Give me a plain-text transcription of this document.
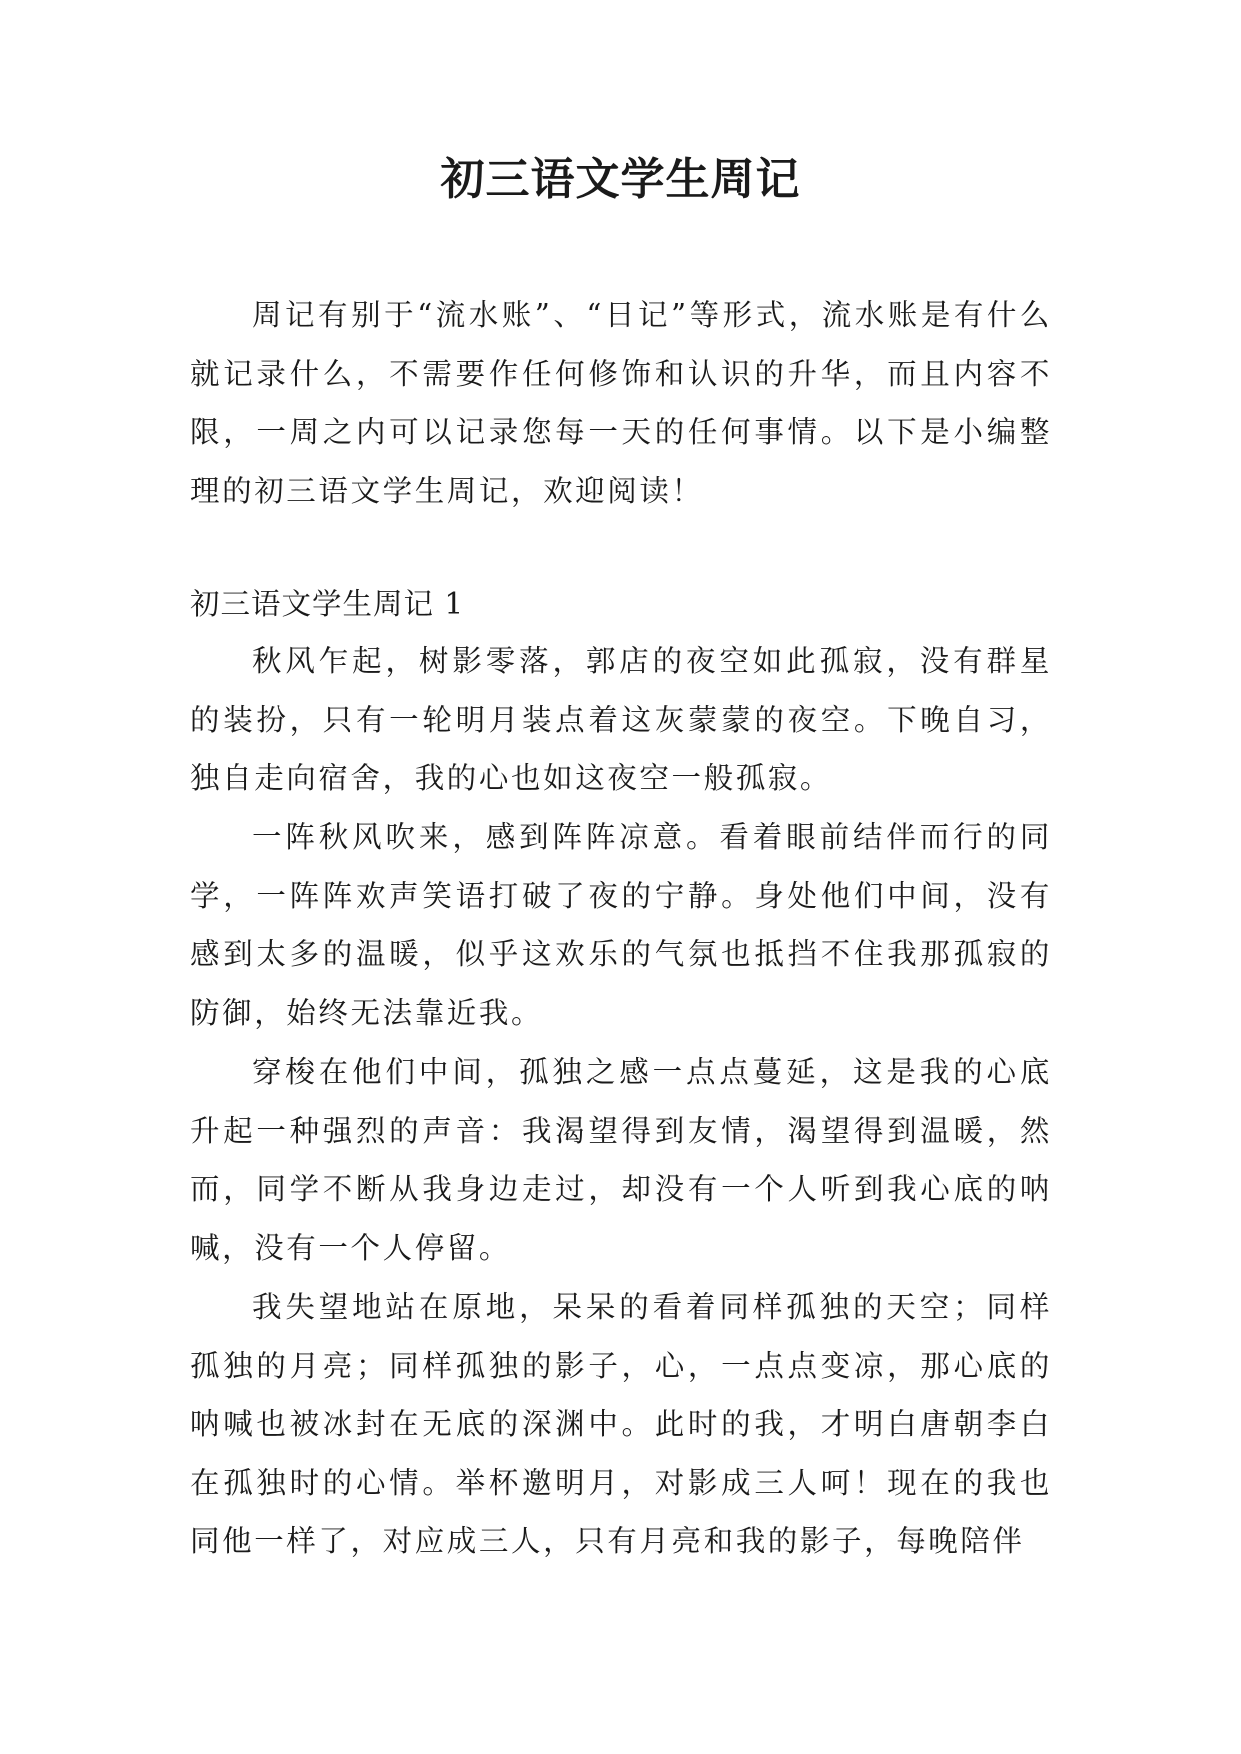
初三语文学生周记

周记有别于“流水账”、“日记”等形式，流水账是有什么就记录什么，不需要作任何修饰和认识的升华，而且内容不限，一周之内可以记录您每一天的任何事情。以下是小编整理的初三语文学生周记，欢迎阅读！

初三语文学生周记 1

秋风乍起，树影零落，郭店的夜空如此孤寂，没有群星的装扮，只有一轮明月装点着这灰蒙蒙的夜空。下晚自习，独自走向宿舍，我的心也如这夜空一般孤寂。

一阵秋风吹来，感到阵阵凉意。看着眼前结伴而行的同学，一阵阵欢声笑语打破了夜的宁静。身处他们中间，没有感到太多的温暖，似乎这欢乐的气氛也抵挡不住我那孤寂的防御，始终无法靠近我。

穿梭在他们中间，孤独之感一点点蔓延，这是我的心底升起一种强烈的声音：我渴望得到友情，渴望得到温暖，然而，同学不断从我身边走过，却没有一个人听到我心底的呐喊，没有一个人停留。

我失望地站在原地，呆呆的看着同样孤独的天空；同样孤独的月亮；同样孤独的影子，心，一点点变凉，那心底的呐喊也被冰封在无底的深渊中。此时的我，才明白唐朝李白在孤独时的心情。举杯邀明月，对影成三人呵！现在的我也同他一样了，对应成三人，只有月亮和我的影子，每晚陪伴
